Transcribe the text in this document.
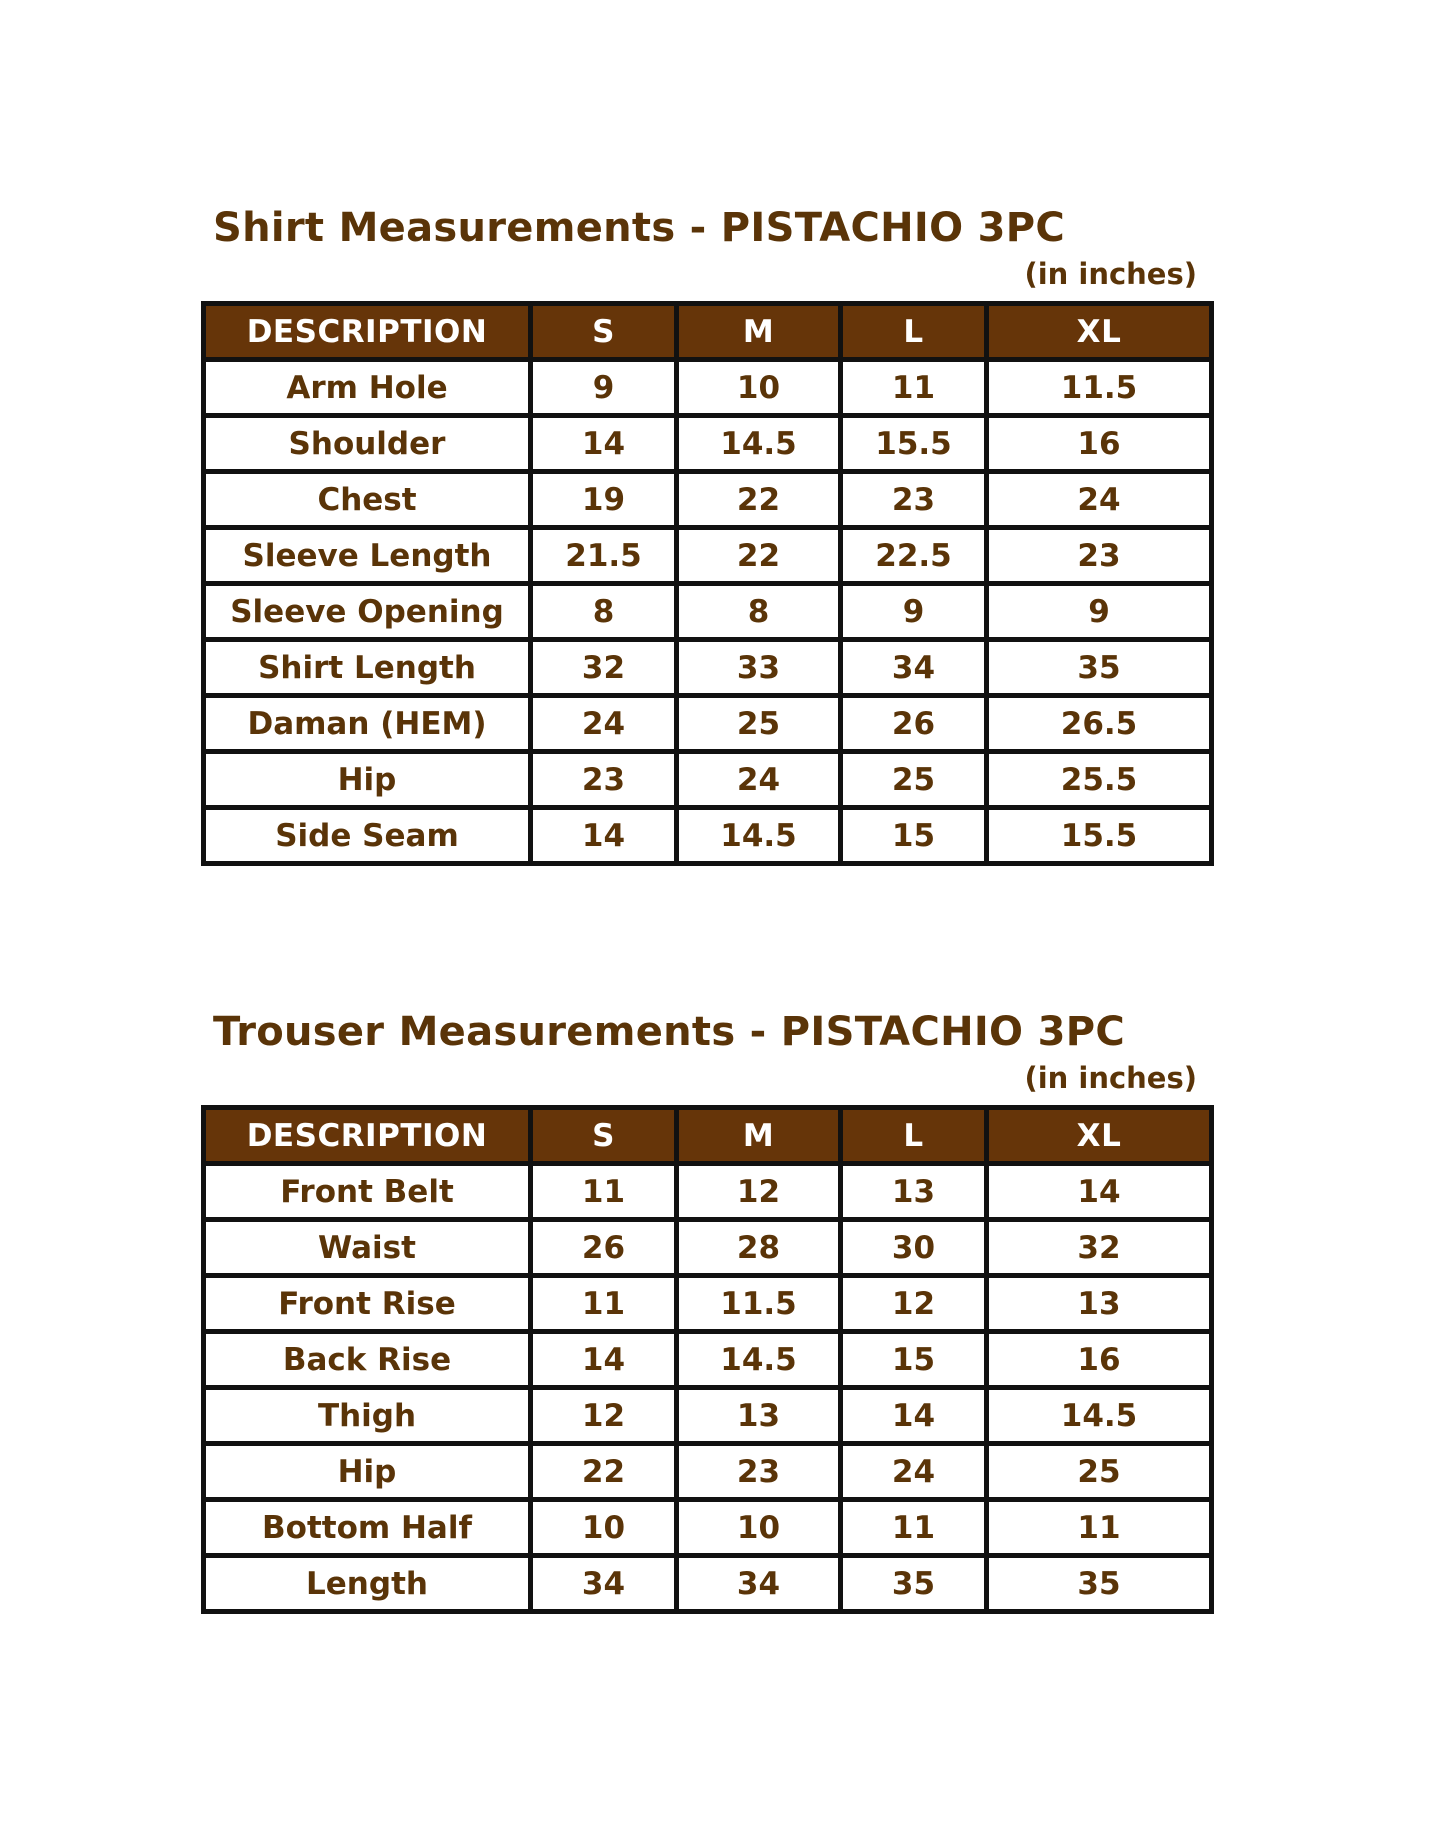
Shirt Measurements - PISTACHIO 3PC
(in inches)
DESCRIPTION	S	M	L	XL
Arm Hole	9	10	11	11.5
Shoulder	14	14.5	15.5	16
Chest	19	22	23	24
Sleeve Length	21.5	22	22.5	23
Sleeve Opening	8	8	9	9
Shirt Length	32	33	34	35
Daman (HEM)	24	25	26	26.5
Hip	23	24	25	25.5
Side Seam	14	14.5	15	15.5
Trouser Measurements - PISTACHIO 3PC
(in inches)
DESCRIPTION	S	M	L	XL
Front Belt	11	12	13	14
Waist	26	28	30	32
Front Rise	11	11.5	12	13
Back Rise	14	14.5	15	16
Thigh	12	13	14	14.5
Hip	22	23	24	25
Bottom Half	10	10	11	11
Length	34	34	35	35
